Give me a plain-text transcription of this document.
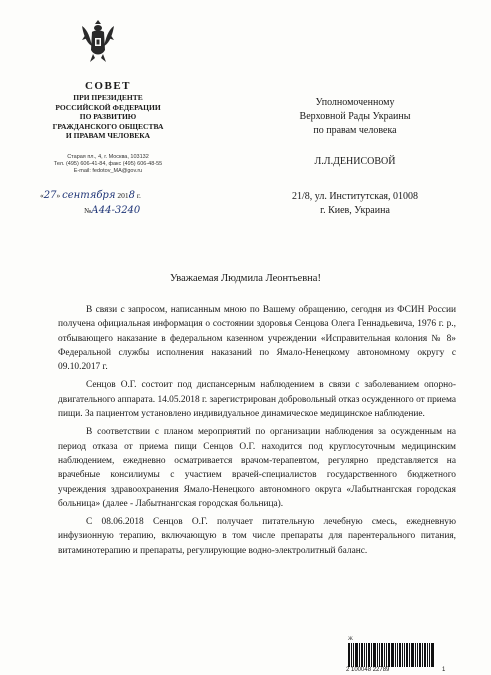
СОВЕТ
ПРИ ПРЕЗИДЕНТЕ
РОССИЙСКОЙ ФЕДЕРАЦИИ
ПО РАЗВИТИЮ
ГРАЖДАНСКОГО ОБЩЕСТВА
И ПРАВАМ ЧЕЛОВЕКА
Старая пл., 4, г. Москва, 103132
Тел. (495) 606-41-84, факс (495) 606-48-55
E-mail: fedotov_MA@gov.ru
«27» сентября 2018 г.
№А44-3240
Уполномоченному
Верховной Рады Украины
по правам человека
Л.Л.ДЕНИСОВОЙ
21/8, ул. Институтская, 01008
г. Киев, Украина
Уважаемая Людмила Леонтьевна!

В связи с запросом, написанным мною по Вашему обращению, сегодня из ФСИН России получена официальная информация о состоянии здоровья Сенцова Олега Геннадьевича, 1976 г. р., отбывающего наказание в федеральном казенном учреждении «Исправительная колония № 8» Федеральной службы исполнения наказаний по Ямало-Ненецкому автономному округу с 09.10.2017 г.

Сенцов О.Г. состоит под диспансерным наблюдением в связи с заболеванием опорно-двигательного аппарата. 14.05.2018 г. зарегистрирован добровольный отказ осужденного от приема пищи. За пациентом установлено индивидуальное динамическое медицинское наблюдение.

В соответствии с планом мероприятий по организации наблюдения за осужденным на период отказа от приема пищи Сенцов О.Г. находится под круглосуточным медицинским наблюдением, ежедневно осматривается врачом-терапевтом, регулярно представляется на врачебные консилиумы с участием врачей-специалистов государственного бюджетного учреждения здравоохранения Ямало-Ненецкого автономного округа «Лабытнангская городская больница» (далее - Лабытнангская городская больница).

С 08.06.2018 Сенцов О.Г. получает питательную лечебную смесь, ежедневную инфузионную терапию, включающую в том числе препараты для парентерального питания, витаминотерапию и препараты, регулирующие водно-электролитный баланс.

ж
2 100048 22789	1
